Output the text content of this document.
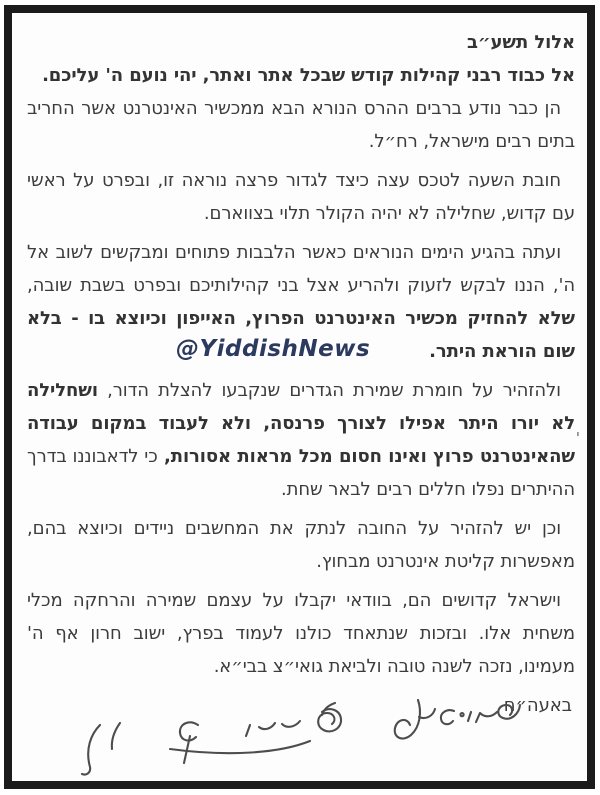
אלול תשע״ב

אל כבוד רבני קהילות קודש שבכל אתר ואתר, יהי נועם ה' עליכם.

הן כבר נודע ברבים ההרס הנורא הבא ממכשיר האינטרנט אשר החריב בתים רבים מישראל, רח״ל.

חובת השעה לטכס עצה כיצד לגדור פרצה נוראה זו, ובפרט על ראשי עם קדוש, שחלילה לא יהיה הקולר תלוי בצווארם.

ועתה בהגיע הימים הנוראים כאשר הלבבות פתוחים ומבקשים לשוב אל ה', הננו לבקש לזעוק ולהריע אצל בני קהילותיכם ובפרט בשבת שובה, שלא להחזיק מכשיר האינטרנט הפרוץ, האייפון וכיוצא בו - בלא שום הוראת היתר.

ולהזהיר על חומרת שמירת הגדרים שנקבעו להצלת הדור, ושחלילה לא יורו היתר אפילו לצורך פרנסה, ולא לעבוד במקום עבודה שהאינטרנט פרוץ ואינו חסום מכל מראות אסורות, כי לדאבוננו בדרך ההיתרים נפלו חללים רבים לבאר שחת.

וכן יש להזהיר על החובה לנתק את המחשבים ניידים וכיוצא בהם, מאפשרות קליטת אינטרנט מבחוץ.

וישראל קדושים הם, בוודאי יקבלו על עצמם שמירה והרחקה מכלי משחית אלו. ובזכות שנתאחד כולנו לעמוד בפרץ, ישוב חרון אף ה' מעמינו, נזכה לשנה טובה ולביאת גואי״צ בבי״א.

באעה״ח

@YiddishNews
'
